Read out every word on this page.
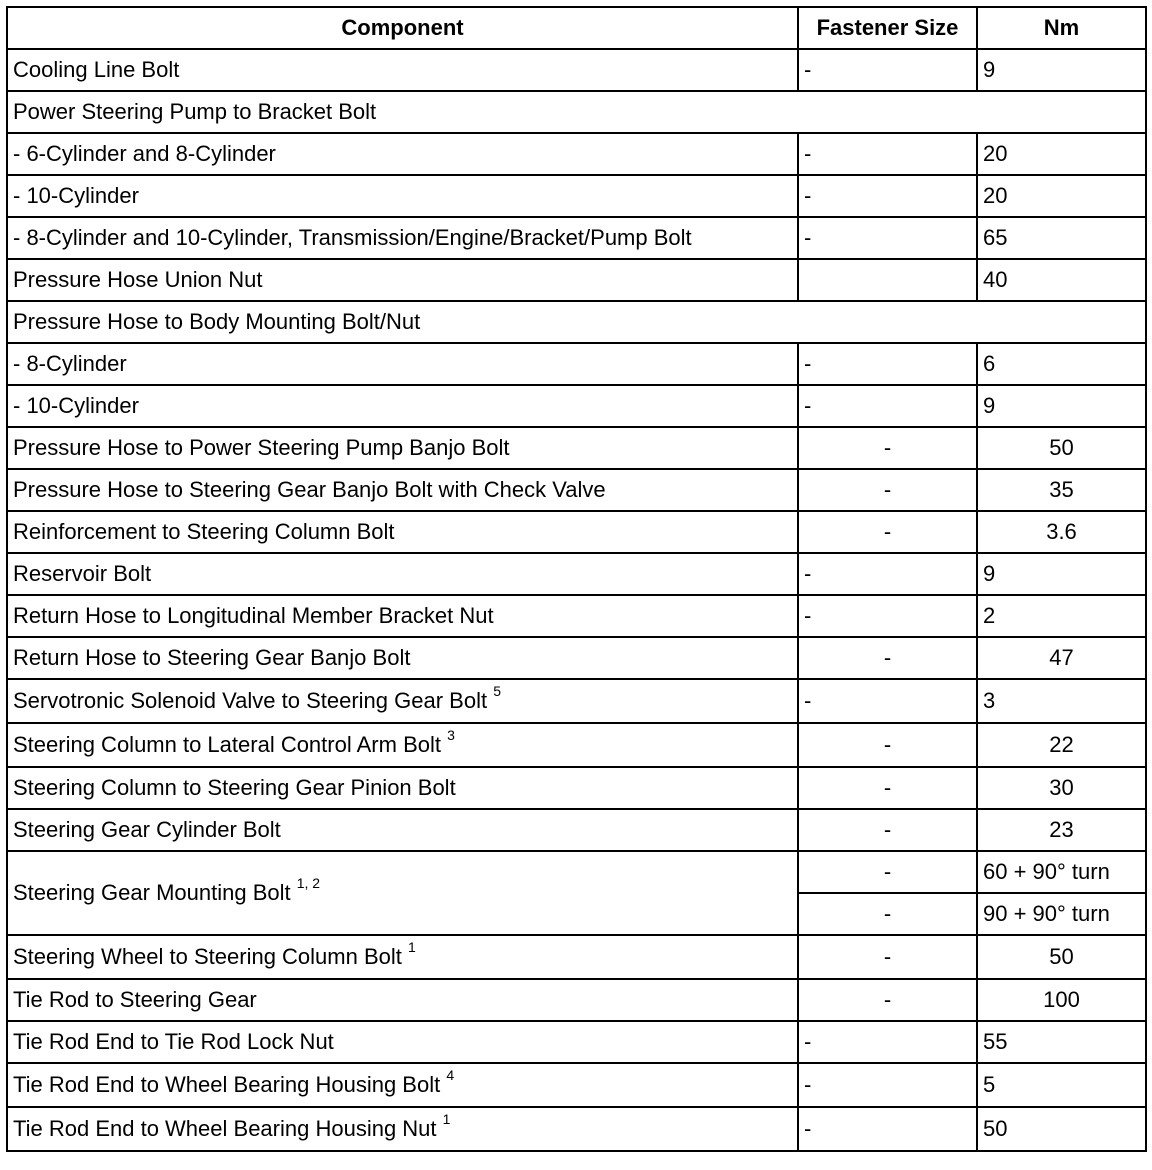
Component	Fastener Size	Nm
Cooling Line Bolt	-	9
Power Steering Pump to Bracket Bolt		
- 6-Cylinder and 8-Cylinder	-	20
- 10-Cylinder	-	20
- 8-Cylinder and 10-Cylinder, Transmission/Engine/Bracket/Pump Bolt	-	65
Pressure Hose Union Nut		40
Pressure Hose to Body Mounting Bolt/Nut		
- 8-Cylinder	-	6
- 10-Cylinder	-	9
Pressure Hose to Power Steering Pump Banjo Bolt	-	50
Pressure Hose to Steering Gear Banjo Bolt with Check Valve	-	35
Reinforcement to Steering Column Bolt	-	3.6
Reservoir Bolt	-	9
Return Hose to Longitudinal Member Bracket Nut	-	2
Return Hose to Steering Gear Banjo Bolt	-	47
Servotronic Solenoid Valve to Steering Gear Bolt $^5$	-	3
Steering Column to Lateral Control Arm Bolt $^3$	-	22
Steering Column to Steering Gear Pinion Bolt	-	30
Steering Gear Cylinder Bolt	-	23
Steering Gear Mounting Bolt $^{1, 2}$	-	60 + 90° turn
	-	90 + 90° turn
Steering Wheel to Steering Column Bolt $^1$	-	50
Tie Rod to Steering Gear	-	100
Tie Rod End to Tie Rod Lock Nut	-	55
Tie Rod End to Wheel Bearing Housing Bolt $^4$	-	5
Tie Rod End to Wheel Bearing Housing Nut $^1$	-	50
